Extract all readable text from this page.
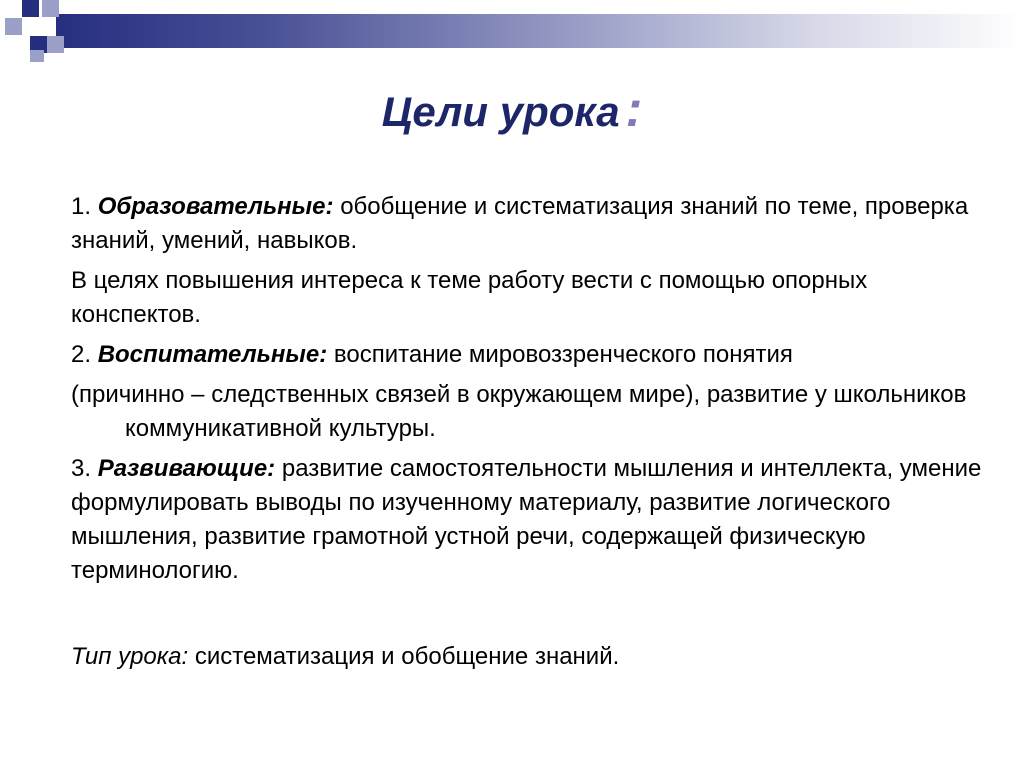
Цели урока :

1. Образовательные: обобщение и систематизация знаний по теме, проверка знаний, умений, навыков.

В целях повышения интереса к теме работу вести с помощью опорных конспектов.

2. Воспитательные: воспитание мировоззренческого понятия

(причинно – следственных связей в окружающем мире), развитие у школьниковкоммуникативной культуры.

3. Развивающие: развитие самостоятельности мышления и интеллекта, умение формулировать выводы по изученному материалу, развитие логического мышления, развитие грамотной устной речи, содержащей физическую терминологию.

Тип урока: систематизация и обобщение знаний.
